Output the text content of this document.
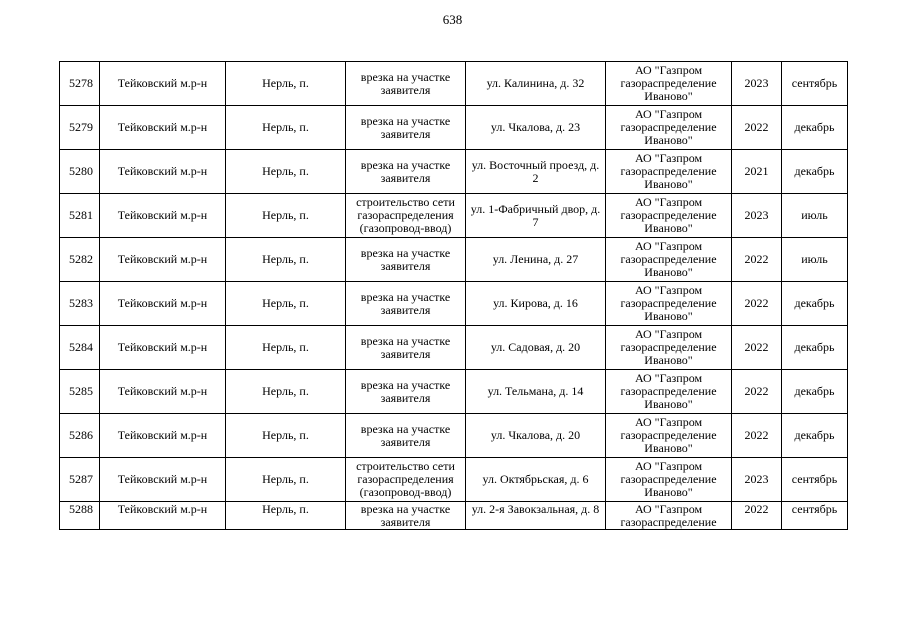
638
5278	Тейковский м.р-н	Нерль, п.	врезка на участке заявителя	ул. Калинина, д. 32	АО "Газпром газораспределение Иваново"	2023	сентябрь
5279	Тейковский м.р-н	Нерль, п.	врезка на участке заявителя	ул. Чкалова, д. 23	АО "Газпром газораспределение Иваново"	2022	декабрь
5280	Тейковский м.р-н	Нерль, п.	врезка на участке заявителя	ул. Восточный проезд, д. 2	АО "Газпром газораспределение Иваново"	2021	декабрь
5281	Тейковский м.р-н	Нерль, п.	строительство сети газораспределения (газопровод-ввод)	ул. 1-Фабричный двор, д. 7	АО "Газпром газораспределение Иваново"	2023	июль
5282	Тейковский м.р-н	Нерль, п.	врезка на участке заявителя	ул. Ленина, д. 27	АО "Газпром газораспределение Иваново"	2022	июль
5283	Тейковский м.р-н	Нерль, п.	врезка на участке заявителя	ул. Кирова, д. 16	АО "Газпром газораспределение Иваново"	2022	декабрь
5284	Тейковский м.р-н	Нерль, п.	врезка на участке заявителя	ул. Садовая, д. 20	АО "Газпром газораспределение Иваново"	2022	декабрь
5285	Тейковский м.р-н	Нерль, п.	врезка на участке заявителя	ул. Тельмана, д. 14	АО "Газпром газораспределение Иваново"	2022	декабрь
5286	Тейковский м.р-н	Нерль, п.	врезка на участке заявителя	ул. Чкалова, д. 20	АО "Газпром газораспределение Иваново"	2022	декабрь
5287	Тейковский м.р-н	Нерль, п.	строительство сети газораспределения (газопровод-ввод)	ул. Октябрьская, д. 6	АО "Газпром газораспределение Иваново"	2023	сентябрь
5288	Тейковский м.р-н	Нерль, п.	врезка на участке заявителя	ул. 2-я Завокзальная, д. 8	АО "Газпром газораспределение	2022	сентябрь
